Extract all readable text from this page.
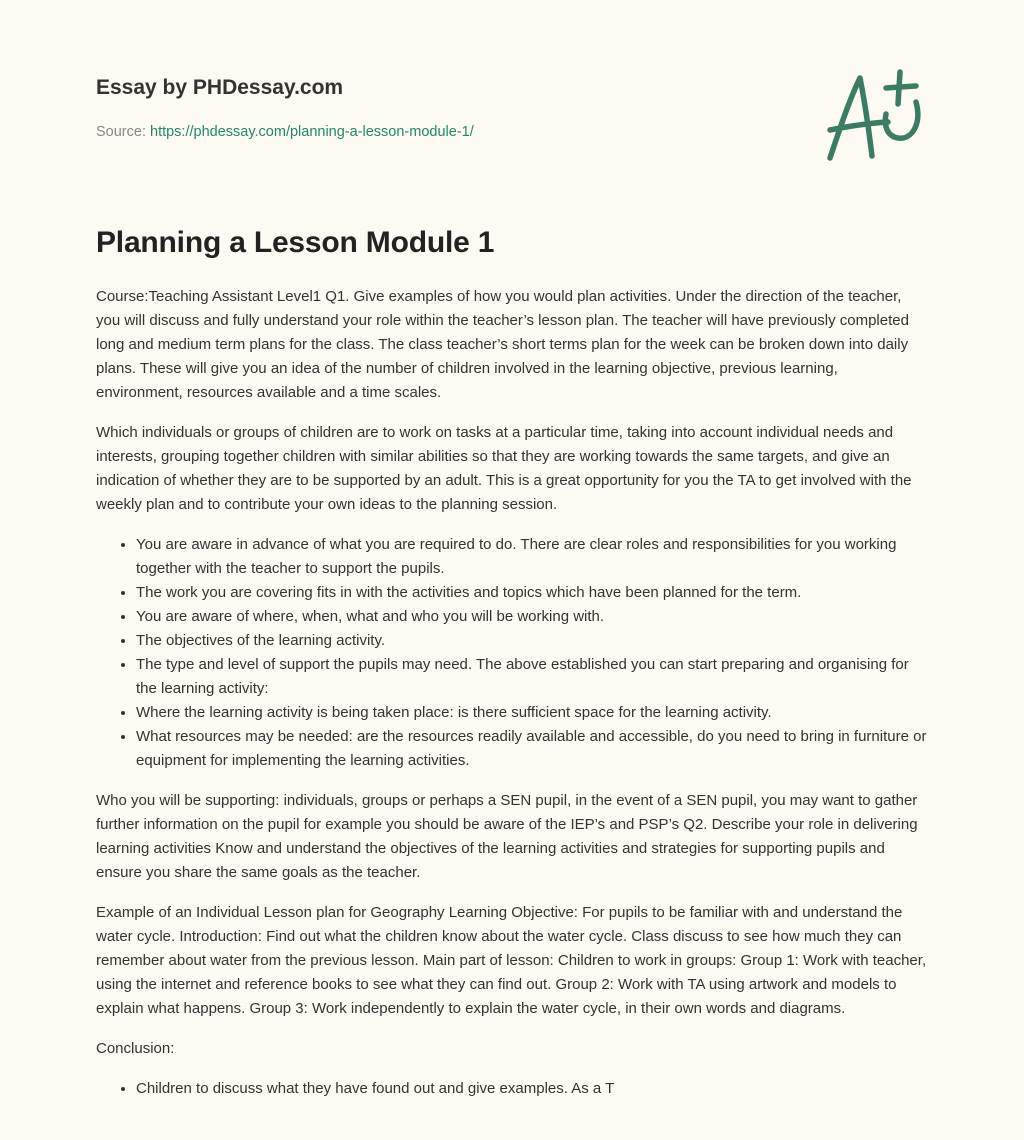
Essay by PHDessay.com
Source: https://phdessay.com/planning-a-lesson-module-1/
Planning a Lesson Module 1

Course:Teaching Assistant Level1 Q1. Give examples of how you would plan activities. Under the direction of the teacher, you will discuss and fully understand your role within the teacher’s lesson plan. The teacher will have previously completed long and medium term plans for the class. The class teacher’s short terms plan for the week can be broken down into daily plans. These will give you an idea of the number of children involved in the learning objective, previous learning, environment, resources available and a time scales.

Which individuals or groups of children are to work on tasks at a particular time, taking into account individual needs and interests, grouping together children with similar abilities so that they are working towards the same targets, and give an indication of whether they are to be supported by an adult. This is a great opportunity for you the TA to get involved with the weekly plan and to contribute your own ideas to the planning session.

• You are aware in advance of what you are required to do. There are clear roles and responsibilities for you working together with the teacher to support the pupils.
• The work you are covering fits in with the activities and topics which have been planned for the term.
• You are aware of where, when, what and who you will be working with.
• The objectives of the learning activity.
• The type and level of support the pupils may need. The above established you can start preparing and organising for the learning activity:
• Where the learning activity is being taken place: is there sufficient space for the learning activity.
• What resources may be needed: are the resources readily available and accessible, do you need to bring in furniture or equipment for implementing the learning activities.

Who you will be supporting: individuals, groups or perhaps a SEN pupil, in the event of a SEN pupil, you may want to gather further information on the pupil for example you should be aware of the IEP’s and PSP’s Q2. Describe your role in delivering learning activities Know and understand the objectives of the learning activities and strategies for supporting pupils and ensure you share the same goals as the teacher.

Example of an Individual Lesson plan for Geography Learning Objective: For pupils to be familiar with and understand the water cycle. Introduction: Find out what the children know about the water cycle. Class discuss to see how much they can remember about water from the previous lesson. Main part of lesson: Children to work in groups: Group 1: Work with teacher, using the internet and reference books to see what they can find out. Group 2: Work with TA using artwork and models to explain what happens. Group 3: Work independently to explain the water cycle, in their own words and diagrams.

Conclusion:

• Children to discuss what they have found out and give examples. As a T
